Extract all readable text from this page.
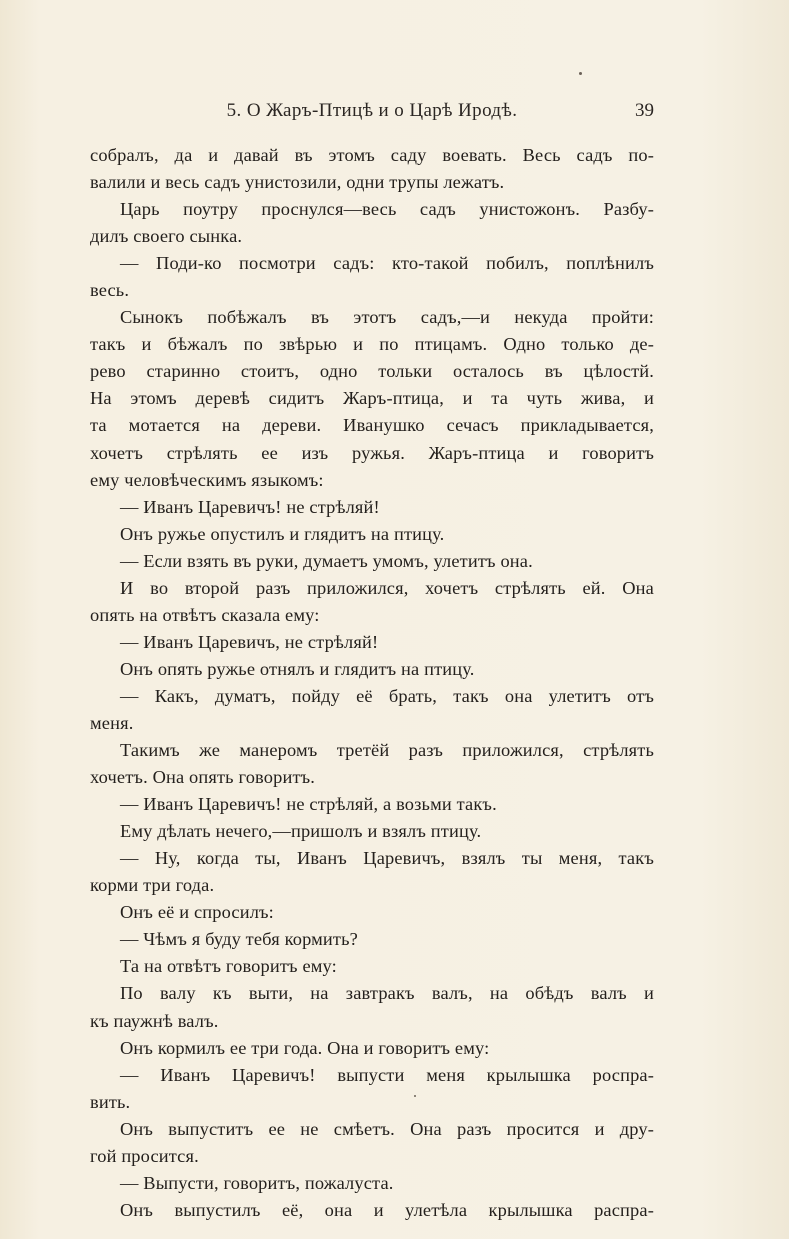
5. О Жаръ-Птицѣ и о Царѣ Иродѣ.	39
собралъ, да и давай въ этомъ саду воевать. Весь садъ по-
валили и весь садъ унистозили, одни трупы лежатъ.
Царь поутру проснулся—весь садъ унистожонъ. Разбу-
дилъ своего сынка.
— Поди-ко посмотри садъ: кто-такой побилъ, поплѣнилъ
весь.
Сынокъ побѣжалъ въ этотъ садъ,—и некуда пройти:
такъ и бѣжалъ по звѣрью и по птицамъ. Одно только де-
рево старинно стоитъ, одно тольки осталось въ цѣлостй.
На этомъ деревѣ сидитъ Жаръ-птица, и та чуть жива, и
та мотается на дереви. Иванушко сечасъ прикладывается,
хочетъ стрѣлять ее изъ ружья. Жаръ-птица и говоритъ
ему человѣческимъ языкомъ:
— Иванъ Царевичъ! не стрѣляй!
Онъ ружье опустилъ и глядитъ на птицу.
— Если взять въ руки, думаетъ умомъ, улетитъ она.
И во второй разъ приложился, хочетъ стрѣлять ей. Она
опять на отвѣтъ сказала ему:
— Иванъ Царевичъ, не стрѣляй!
Онъ опять ружье отнялъ и глядитъ на птицу.
— Какъ, думатъ, пойду её брать, такъ она улетитъ отъ
меня.
Такимъ же манеромъ третёй разъ приложился, стрѣлять
хочетъ. Она опять говоритъ.
— Иванъ Царевичъ! не стрѣляй, а возьми такъ.
Ему дѣлать нечего,—пришолъ и взялъ птицу.
— Ну, когда ты, Иванъ Царевичъ, взялъ ты меня, такъ
корми три года.
Онъ её и спросилъ:
— Чѣмъ я буду тебя кормить?
Та на отвѣтъ говоритъ ему:
По валу къ выти, на завтракъ валъ, на обѣдъ валъ и
къ паужнѣ валъ.
Онъ кормилъ ее три года. Она и говоритъ ему:
— Иванъ Царевичъ! выпусти меня крылышка роспра-
вить.
Онъ выпуститъ ее не смѣетъ. Она разъ просится и дру-
гой просится.
— Выпусти, говоритъ, пожалуста.
Онъ выпустилъ её, она и улетѣла крылышка распра-
